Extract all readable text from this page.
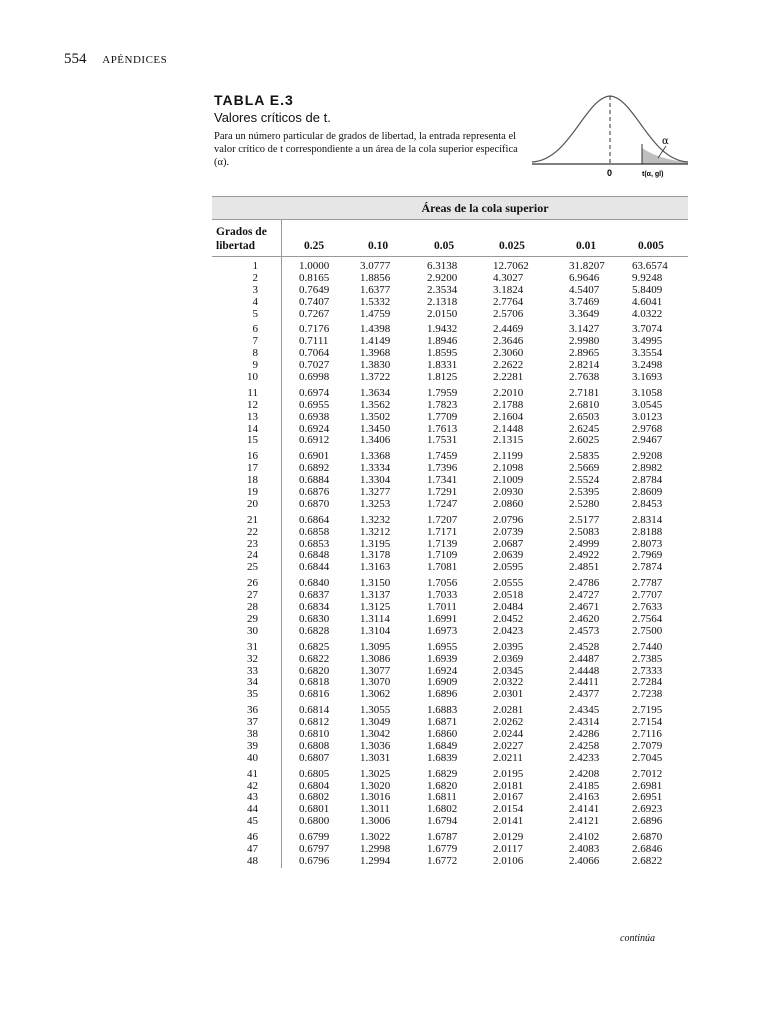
554 APÉNDICES
TABLA E.3
Valores críticos de t.
Para un número particular de grados de libertad, la entrada representa el valor crítico de t correspondiente a un área de la cola superior específica (α).
α
0	t(α, gl)
Áreas de la cola superior
Grados de
libertad	0.25	0.10	0.05	0.025	0.01	0.005
1	1.0000	3.0777	6.3138	12.7062	31.8207	63.6574
2	0.8165	1.8856	2.9200	4.3027	6.9646	9.9248
3	0.7649	1.6377	2.3534	3.1824	4.5407	5.8409
4	0.7407	1.5332	2.1318	2.7764	3.7469	4.6041
5	0.7267	1.4759	2.0150	2.5706	3.3649	4.0322
6	0.7176	1.4398	1.9432	2.4469	3.1427	3.7074
7	0.7111	1.4149	1.8946	2.3646	2.9980	3.4995
8	0.7064	1.3968	1.8595	2.3060	2.8965	3.3554
9	0.7027	1.3830	1.8331	2.2622	2.8214	3.2498
10	0.6998	1.3722	1.8125	2.2281	2.7638	3.1693
11	0.6974	1.3634	1.7959	2.2010	2.7181	3.1058
12	0.6955	1.3562	1.7823	2.1788	2.6810	3.0545
13	0.6938	1.3502	1.7709	2.1604	2.6503	3.0123
14	0.6924	1.3450	1.7613	2.1448	2.6245	2.9768
15	0.6912	1.3406	1.7531	2.1315	2.6025	2.9467
16	0.6901	1.3368	1.7459	2.1199	2.5835	2.9208
17	0.6892	1.3334	1.7396	2.1098	2.5669	2.8982
18	0.6884	1.3304	1.7341	2.1009	2.5524	2.8784
19	0.6876	1.3277	1.7291	2.0930	2.5395	2.8609
20	0.6870	1.3253	1.7247	2.0860	2.5280	2.8453
21	0.6864	1.3232	1.7207	2.0796	2.5177	2.8314
22	0.6858	1.3212	1.7171	2.0739	2.5083	2.8188
23	0.6853	1.3195	1.7139	2.0687	2.4999	2.8073
24	0.6848	1.3178	1.7109	2.0639	2.4922	2.7969
25	0.6844	1.3163	1.7081	2.0595	2.4851	2.7874
26	0.6840	1.3150	1.7056	2.0555	2.4786	2.7787
27	0.6837	1.3137	1.7033	2.0518	2.4727	2.7707
28	0.6834	1.3125	1.7011	2.0484	2.4671	2.7633
29	0.6830	1.3114	1.6991	2.0452	2.4620	2.7564
30	0.6828	1.3104	1.6973	2.0423	2.4573	2.7500
31	0.6825	1.3095	1.6955	2.0395	2.4528	2.7440
32	0.6822	1.3086	1.6939	2.0369	2.4487	2.7385
33	0.6820	1.3077	1.6924	2.0345	2.4448	2.7333
34	0.6818	1.3070	1.6909	2.0322	2.4411	2.7284
35	0.6816	1.3062	1.6896	2.0301	2.4377	2.7238
36	0.6814	1.3055	1.6883	2.0281	2.4345	2.7195
37	0.6812	1.3049	1.6871	2.0262	2.4314	2.7154
38	0.6810	1.3042	1.6860	2.0244	2.4286	2.7116
39	0.6808	1.3036	1.6849	2.0227	2.4258	2.7079
40	0.6807	1.3031	1.6839	2.0211	2.4233	2.7045
41	0.6805	1.3025	1.6829	2.0195	2.4208	2.7012
42	0.6804	1.3020	1.6820	2.0181	2.4185	2.6981
43	0.6802	1.3016	1.6811	2.0167	2.4163	2.6951
44	0.6801	1.3011	1.6802	2.0154	2.4141	2.6923
45	0.6800	1.3006	1.6794	2.0141	2.4121	2.6896
46	0.6799	1.3022	1.6787	2.0129	2.4102	2.6870
47	0.6797	1.2998	1.6779	2.0117	2.4083	2.6846
48	0.6796	1.2994	1.6772	2.0106	2.4066	2.6822
continúa
